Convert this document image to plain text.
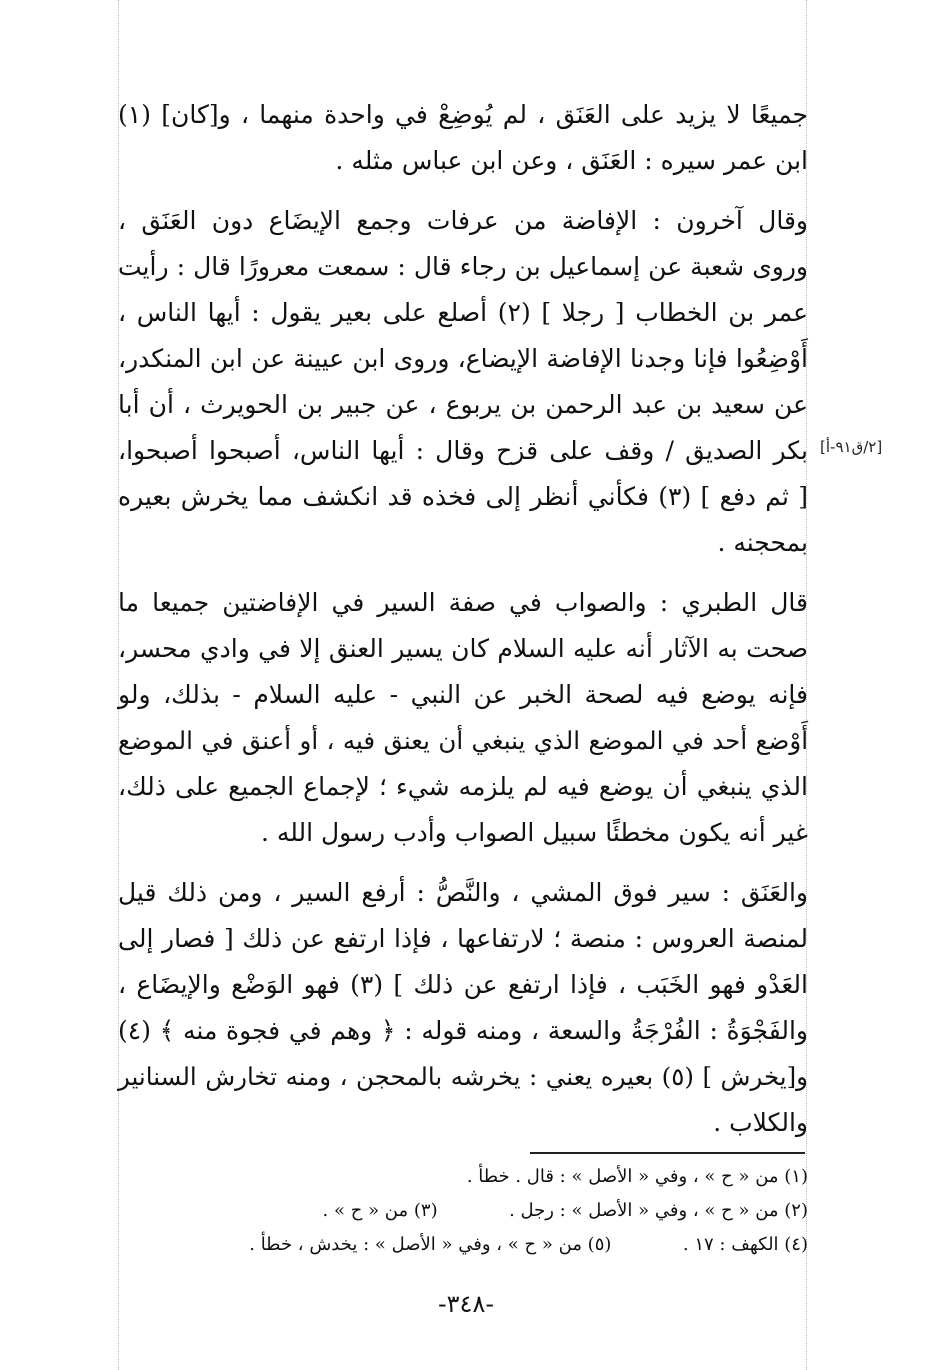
جميعًا لا يزيد على العَنَق ، لم يُوضِعْ في واحدة منهما ، و[كان] (١)
ابن عمر سيره : العَنَق ، وعن ابن عباس مثله .
وقال آخرون : الإفاضة من عرفات وجمع الإيضَاع دون العَنَق ،
وروى شعبة عن إسماعيل بن رجاء قال : سمعت معرورًا قال : رأيت
عمر بن الخطاب [ رجلا ] (٢) أصلع على بعير يقول : أيها الناس ،
أَوْضِعُوا فإنا وجدنا الإفاضة الإيضاع، وروى ابن عيينة عن ابن المنكدر،
عن سعيد بن عبد الرحمن بن يربوع ، عن جبير بن الحويرث ، أن أبا
بكر الصديق / وقف على قزح وقال : أيها الناس، أصبحوا أصبحوا،
[ ثم دفع ] (٣) فكأني أنظر إلى فخذه قد انكشف مما يخرش بعيره
بمحجنه .
قال الطبري : والصواب في صفة السير في الإفاضتين جميعا ما
صحت به الآثار أنه عليه السلام كان يسير العنق إلا في وادي محسر،
فإنه يوضع فيه لصحة الخبر عن النبي - عليه السلام - بذلك، ولو
أَوْضع أحد في الموضع الذي ينبغي أن يعنق فيه ، أو أعنق في الموضع
الذي ينبغي أن يوضع فيه لم يلزمه شيء ؛ لإجماع الجميع على ذلك،
غير أنه يكون مخطئًا سبيل الصواب وأدب رسول الله .
والعَنَق : سير فوق المشي ، والنَّصُّ : أرفع السير ، ومن ذلك قيل
لمنصة العروس : منصة ؛ لارتفاعها ، فإذا ارتفع عن ذلك [ فصار إلى
العَدْو فهو الخَبَب ، فإذا ارتفع عن ذلك ] (٣) فهو الوَضْع والإيضَاع ،
والفَجْوَةُ : الفُرْجَةُ والسعة ، ومنه قوله : ﴿ وهم في فجوة منه ﴾ (٤)
و[يخرش ] (٥) بعيره يعني : يخرشه بالمحجن ، ومنه تخارش السنانير
والكلاب .
[٢/ق٩١-أ]
(١) من « ح » ، وفي « الأصل » : قال . خطأ .
(٢) من « ح » ، وفي « الأصل » : رجل .  (٣) من « ح » .
(٤) الكهف : ١٧ .  (٥) من « ح » ، وفي « الأصل » : يخدش ، خطأ .
-٣٤٨-
